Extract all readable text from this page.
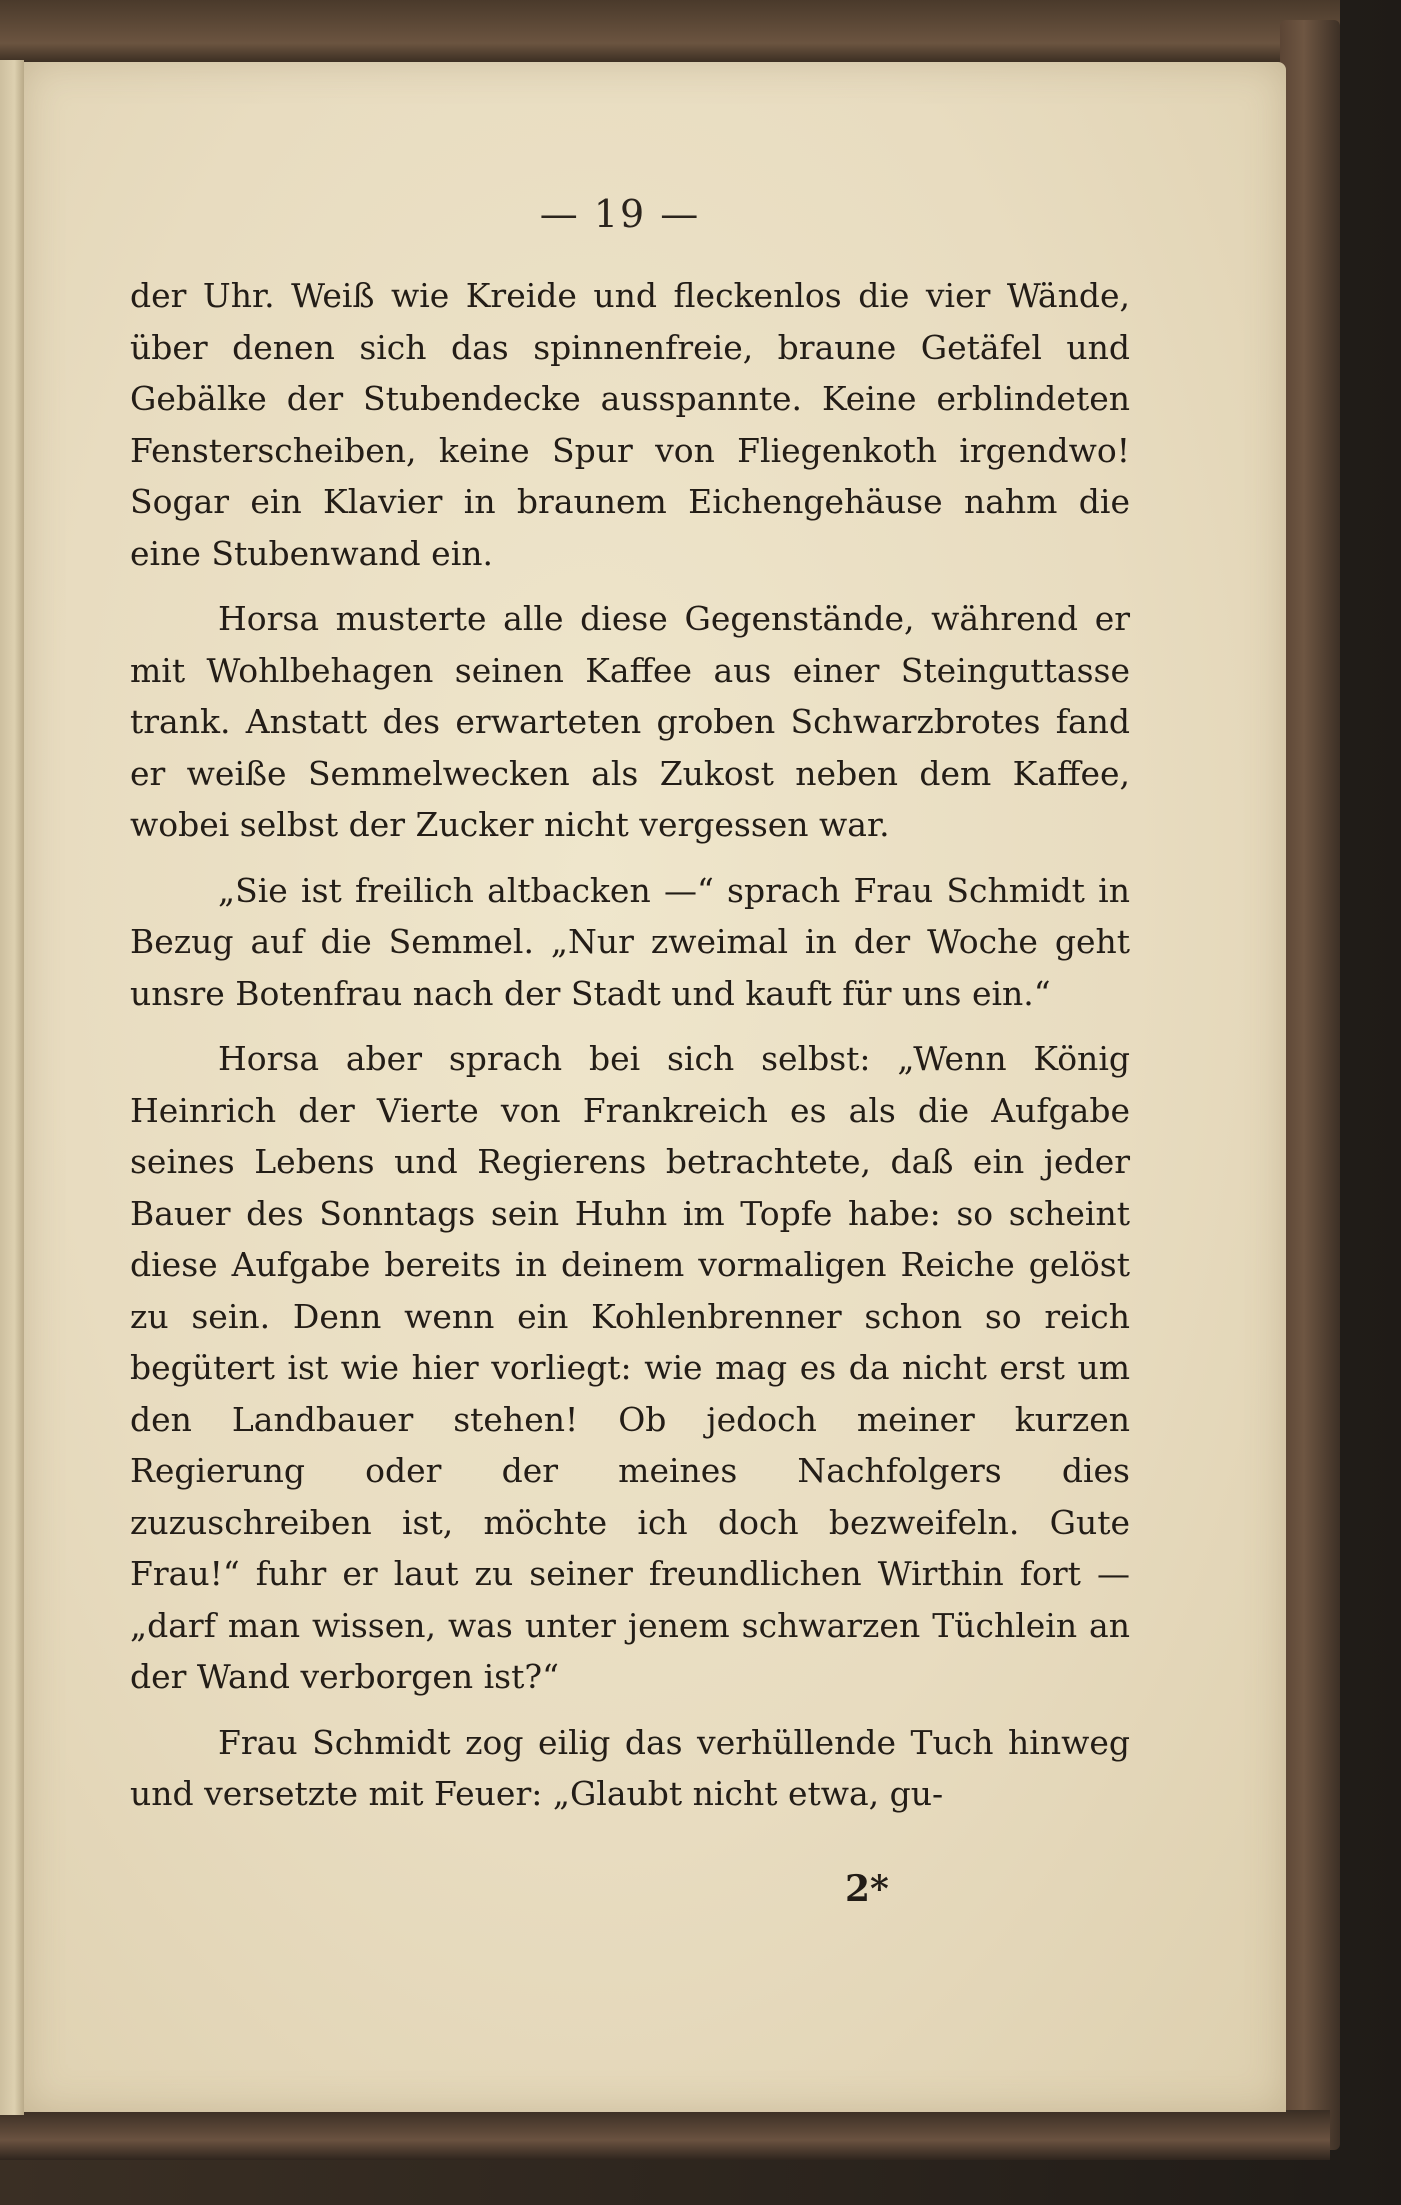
— 19 —

der Uhr. Weiß wie Kreide und fleckenlos die vier Wände, über denen sich das spinnenfreie, braune Getäfel und Gebälke der Stubendecke ausspannte. Keine erblindeten Fensterscheiben, keine Spur von Fliegenkoth irgendwo! Sogar ein Klavier in braunem Eichengehäuse nahm die eine Stubenwand ein.

Horsa musterte alle diese Gegenstände, während er mit Wohlbehagen seinen Kaffee aus einer Steinguttasse trank. Anstatt des erwarteten groben Schwarzbrotes fand er weiße Semmelwecken als Zukost neben dem Kaffee, wobei selbst der Zucker nicht vergessen war.

„Sie ist freilich altbacken —“ sprach Frau Schmidt in Bezug auf die Semmel. „Nur zweimal in der Woche geht unsre Botenfrau nach der Stadt und kauft für uns ein.“

Horsa aber sprach bei sich selbst: „Wenn König Heinrich der Vierte von Frankreich es als die Aufgabe seines Lebens und Regierens betrachtete, daß ein jeder Bauer des Sonntags sein Huhn im Topfe habe: so scheint diese Aufgabe bereits in deinem vormaligen Reiche gelöst zu sein. Denn wenn ein Kohlenbrenner schon so reich begütert ist wie hier vorliegt: wie mag es da nicht erst um den Landbauer stehen! Ob jedoch meiner kurzen Regierung oder der meines Nachfolgers dies zuzuschreiben ist, möchte ich doch bezweifeln. Gute Frau!“ fuhr er laut zu seiner freundlichen Wirthin fort — „darf man wissen, was unter jenem schwarzen Tüchlein an der Wand verborgen ist?“

Frau Schmidt zog eilig das verhüllende Tuch hinweg und versetzte mit Feuer: „Glaubt nicht etwa, gu-

2*
